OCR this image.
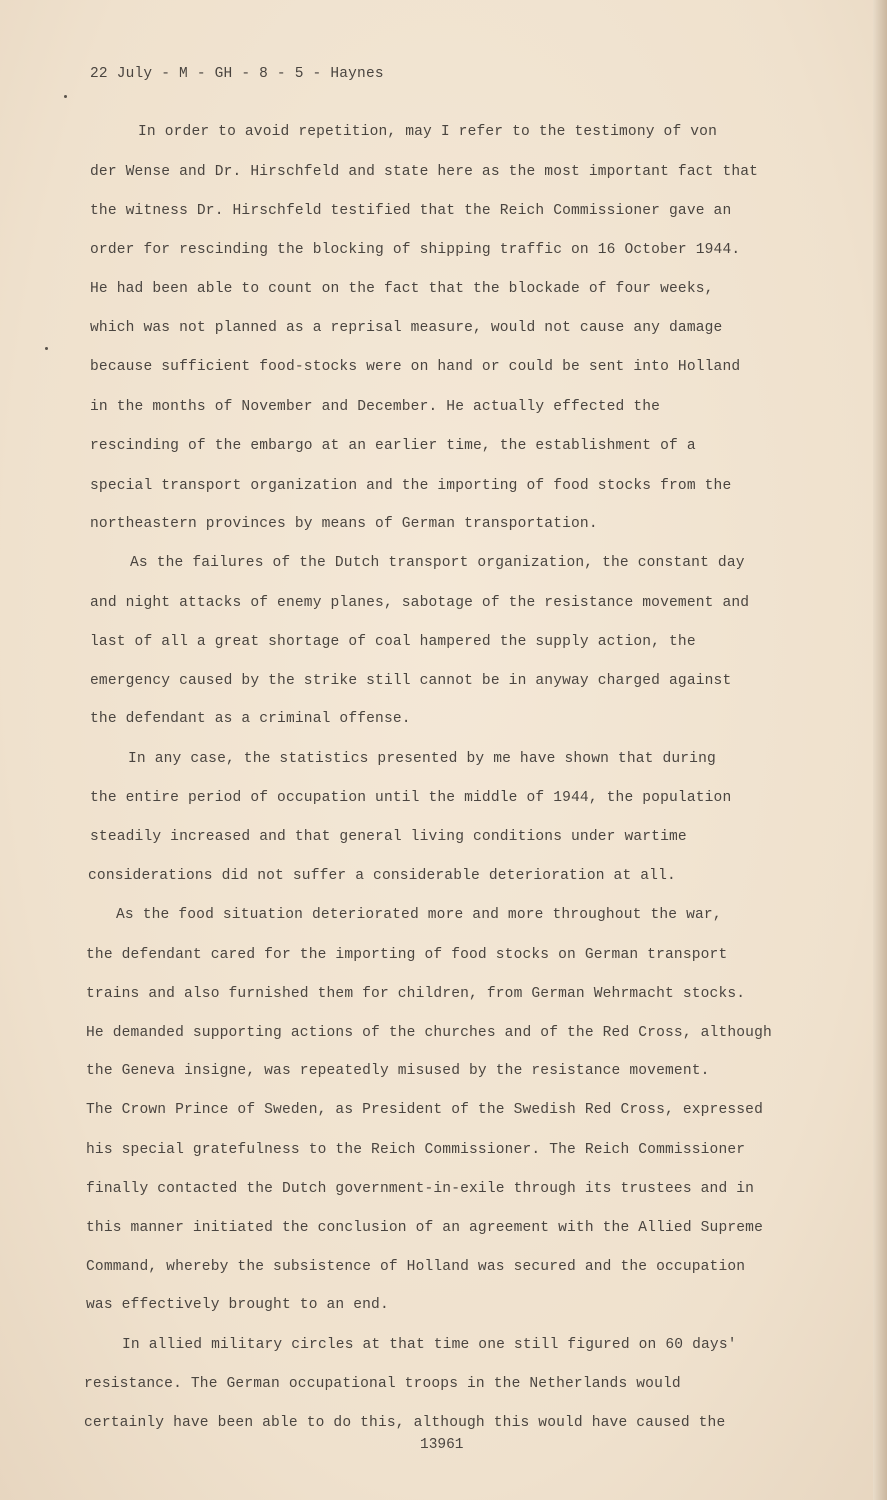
22 July - M - GH - 8 - 5 - Haynes
In order to avoid repetition, may I refer to the testimony of von
der Wense and Dr. Hirschfeld and state here as the most important fact that
the witness Dr. Hirschfeld testified that the Reich Commissioner gave an
order for rescinding the blocking of shipping traffic on 16 October 1944.
He had been able to count on the fact that the blockade of four weeks,
which was not planned as a reprisal measure, would not cause any damage
because sufficient food-stocks were on hand or could be sent into Holland
in the months of November and December. He actually effected the
rescinding of the embargo at an earlier time, the establishment of a
special transport organization and the importing of food stocks from the
northeastern provinces by means of German transportation.
As the failures of the Dutch transport organization, the constant day
and night attacks of enemy planes, sabotage of the resistance movement and
last of all a great shortage of coal hampered the supply action, the
emergency caused by the strike still cannot be in anyway charged against
the defendant as a criminal offense.
In any case, the statistics presented by me have shown that during
the entire period of occupation until the middle of 1944, the population
steadily increased and that general living conditions under wartime
considerations did not suffer a considerable deterioration at all.
As the food situation deteriorated more and more throughout the war,
the defendant cared for the importing of food stocks on German transport
trains and also furnished them for children, from German Wehrmacht stocks.
He demanded supporting actions of the churches and of the Red Cross, although
the Geneva insigne, was repeatedly misused by the resistance movement.
The Crown Prince of Sweden, as President of the Swedish Red Cross, expressed
his special gratefulness to the Reich Commissioner. The Reich Commissioner
finally contacted the Dutch government-in-exile through its trustees and in
this manner initiated the conclusion of an agreement with the Allied Supreme
Command, whereby the subsistence of Holland was secured and the occupation
was effectively brought to an end.
In allied military circles at that time one still figured on 60 days'
resistance. The German occupational troops in the Netherlands would
certainly have been able to do this, although this would have caused the
13961
